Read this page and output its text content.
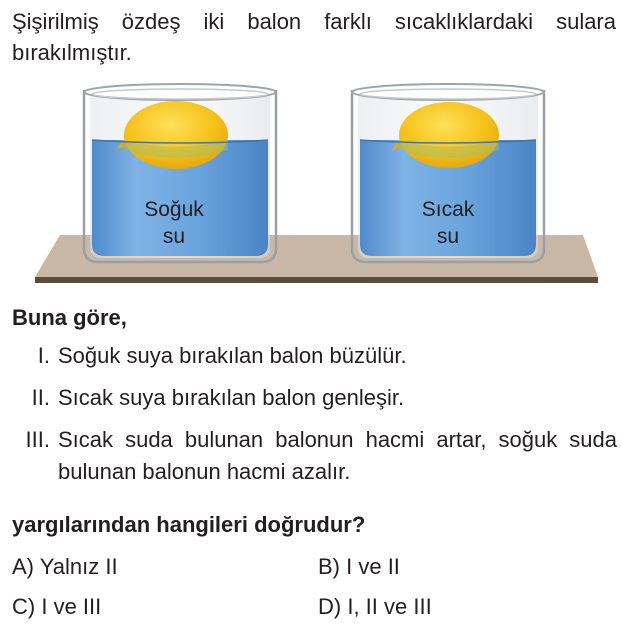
Şişirilmiş özdeş iki balon farklı sıcaklıklardaki sulara bırakılmıştır.
Soğuk
su
Sıcak
su
Buna göre,
I. Soğuk suya bırakılan balon büzülür.
II. Sıcak suya bırakılan balon genleşir.
III. Sıcak suda bulunan balonun hacmi artar, soğuk suda bulunan balonun hacmi azalır.
yargılarından hangileri doğrudur?
A) Yalnız II	B) I ve II
C) I ve III	D) I, II ve III
